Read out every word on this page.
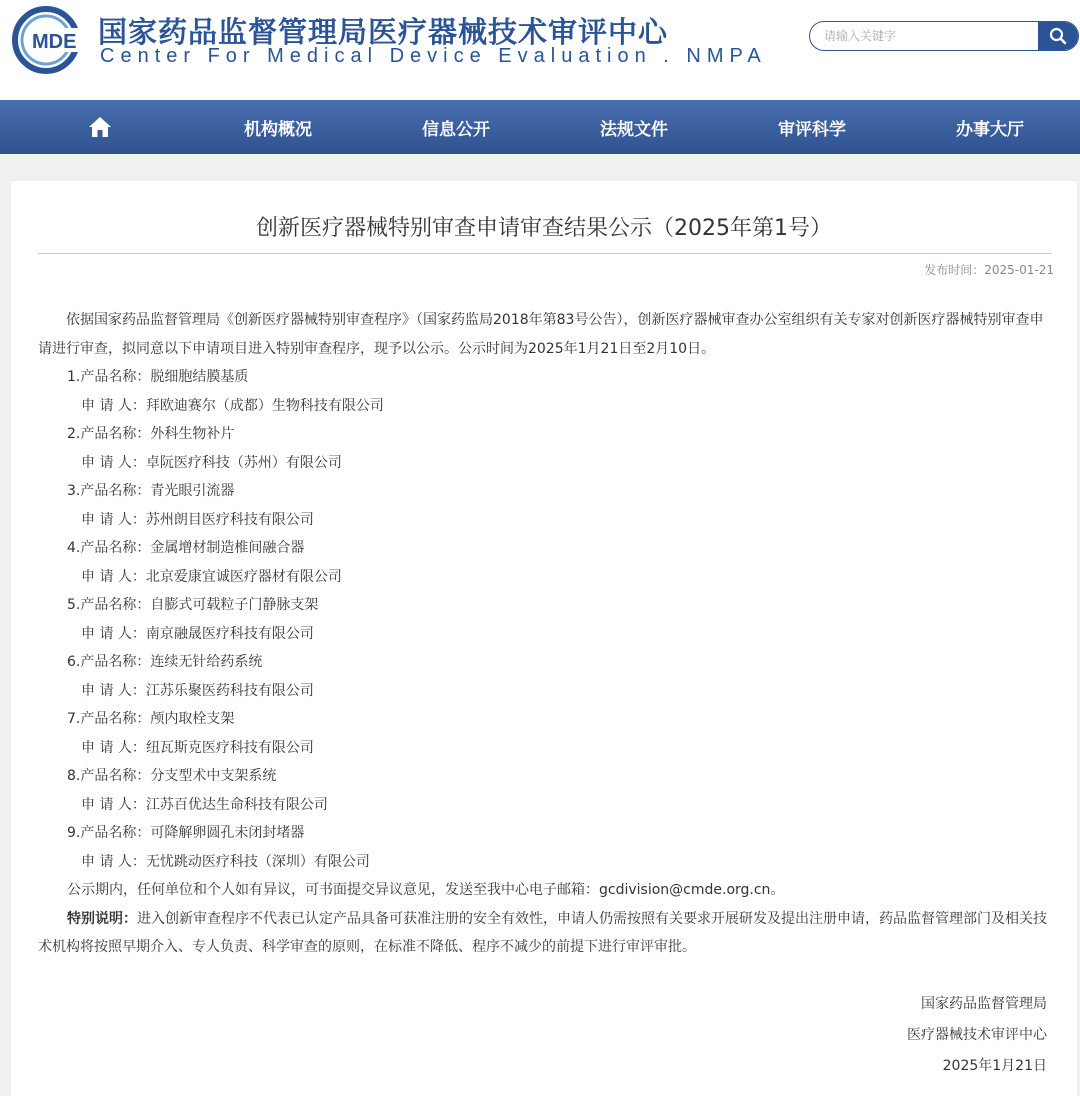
MDE 国家药品监督管理局医疗器械技术审评中心
Center For Medical Device Evaluation . NMPA
请输入关键字
机构概况	信息公开	法规文件	审评科学	办事大厅
创新医疗器械特别审查申请审查结果公示（2025年第1号）
发布时间：2025-01-21

依据国家药品监督管理局《创新医疗器械特别审查程序》（国家药监局2018年第83号公告），创新医疗器械审查办公室组织有关专家对创新医疗器械特别审查申请进行审查，拟同意以下申请项目进入特别审查程序，现予以公示。公示时间为2025年1月21日至2月10日。

1.产品名称：脱细胞结膜基质

申 请 人：拜欧迪赛尔（成都）生物科技有限公司

2.产品名称：外科生物补片

申 请 人：卓阮医疗科技（苏州）有限公司

3.产品名称：青光眼引流器

申 请 人：苏州朗目医疗科技有限公司

4.产品名称：金属增材制造椎间融合器

申 请 人：北京爱康宜诚医疗器材有限公司

5.产品名称：自膨式可载粒子门静脉支架

申 请 人：南京融晟医疗科技有限公司

6.产品名称：连续无针给药系统

申 请 人：江苏乐聚医药科技有限公司

7.产品名称：颅内取栓支架

申 请 人：纽瓦斯克医疗科技有限公司

8.产品名称：分支型术中支架系统

申 请 人：江苏百优达生命科技有限公司

9.产品名称：可降解卵圆孔未闭封堵器

申 请 人：无忧跳动医疗科技（深圳）有限公司

公示期内，任何单位和个人如有异议，可书面提交异议意见，发送至我中心电子邮箱：gcdivision@cmde.org.cn。

特别说明：进入创新审查程序不代表已认定产品具备可获准注册的安全有效性，申请人仍需按照有关要求开展研发及提出注册申请，药品监督管理部门及相关技术机构将按照早期介入、专人负责、科学审查的原则，在标准不降低、程序不减少的前提下进行审评审批。

国家药品监督管理局
医疗器械技术审评中心
2025年1月21日
